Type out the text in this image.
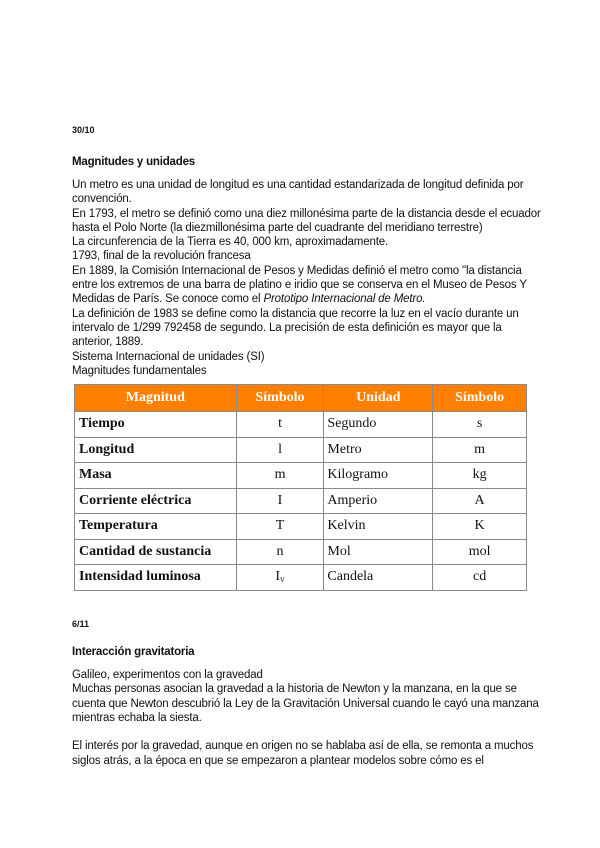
30/10
Magnitudes y unidades

Un metro es una unidad de longitud es una cantidad estandarizada de longitud definida por convención.

En 1793, el metro se definió como una diez millonésima parte de la distancia desde el ecuador hasta el Polo Norte (la diezmillonésima parte del cuadrante del meridiano terrestre)

La circunferencia de la Tierra es 40, 000 km, aproximadamente.

1793, final de la revolución francesa

En 1889, la Comisión Internacional de Pesos y Medidas definió el metro como "la distancia entre los extremos de una barra de platino e iridio que se conserva en el Museo de Pesos Y Medidas de París. Se conoce como el Prototipo Internacional de Metro.

La definición de 1983 se define como la distancia que recorre la luz en el vacío durante un intervalo de 1/299 792458 de segundo. La precisión de esta definición es mayor que la anterior, 1889.

Sistema Internacional de unidades (SI)

Magnitudes fundamentales

Magnitud	Símbolo	Unidad	Símbolo
Tiempo	t	Segundo	s
Longitud	l	Metro	m
Masa	m	Kilogramo	kg
Corriente eléctrica	I	Amperio	A
Temperatura	T	Kelvin	K
Cantidad de sustancia	n	Mol	mol
Intensidad luminosa	$I_v$	Candela	cd
6/11
Interacción gravitatoria

Galileo, experimentos con la gravedad

Muchas personas asocian la gravedad a la historia de Newton y la manzana, en la que se cuenta que Newton descubrió la Ley de la Gravitación Universal cuando le cayó una manzana mientras echaba la siesta.

El interés por la gravedad, aunque en origen no se hablaba así de ella, se remonta a muchos siglos atrás, a la época en que se empezaron a plantear modelos sobre cómo es el
